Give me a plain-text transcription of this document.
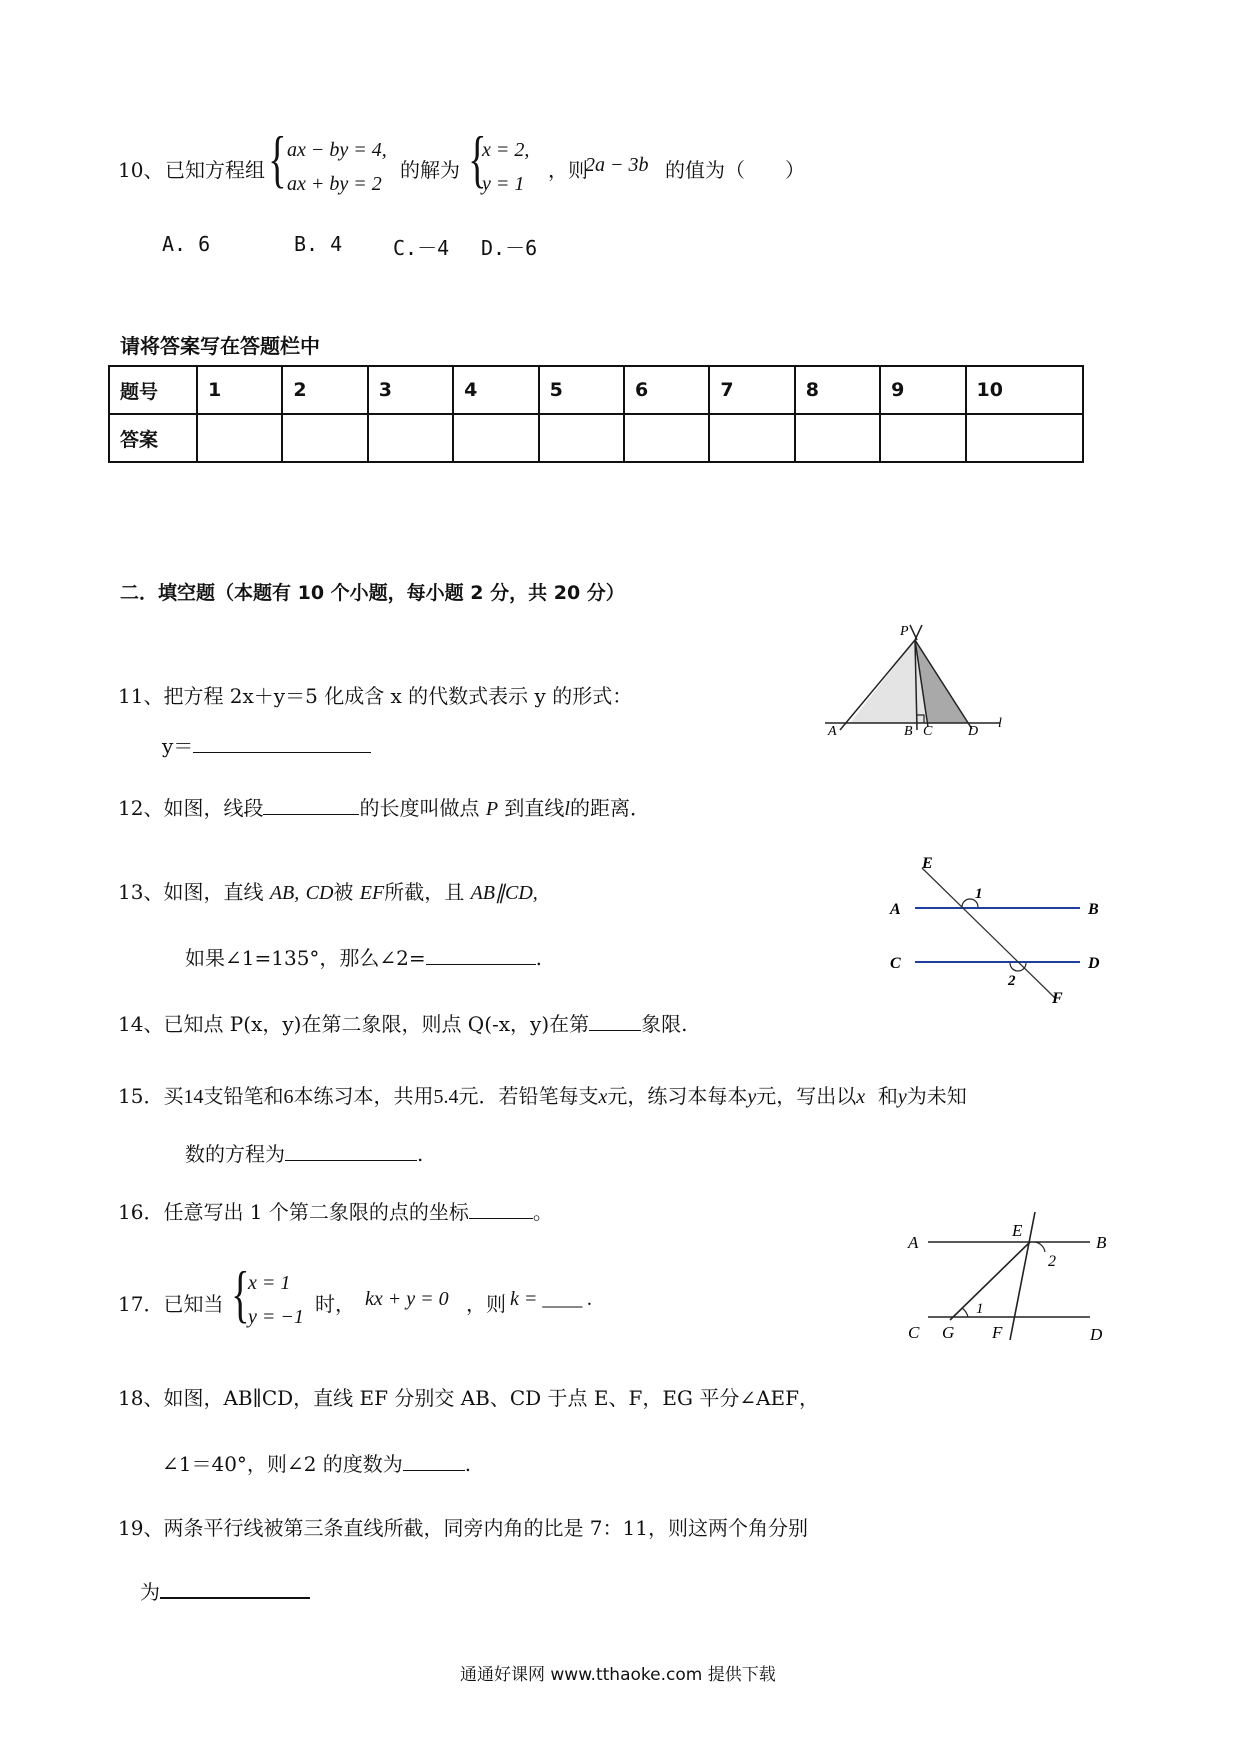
10、 已知方程组 { ax − by = 4,
ax + by = 2
的解为 {
x = 2,
y = 1
，则
2a − 3b 的值为（　　）
A. 6	B. 4	C.－4 D.－6
请将答案写在答题栏中
题号	1	2	3	4	5	6	7	8	9	10
答案										
二．填空题（本题有 10 个小题，每小题 2 分，共 20 分）
11、把方程 2x＋y＝5 化成含 x 的代数式表示 y 的形式：
y＝
P
A	B C	D
l
12、如图，线段	的长度叫做点 P 到直线l的距离．
E
1
A	B
C	D
2
F
13、如图，直线 AB, CD被 EF所截，且 AB∥CD,
如果∠1=135°，那么∠2=	.
14、已知点 P(x，y)在第二象限，则点 Q(-x，y)在第	象限.
15．买14支铅笔和6本练习本，共用5.4元．若铅笔每支x元，练习本每本y元，写出以x 和y为未知
数的方程为	.
16．任意写出 1 个第二象限的点的坐标	。
A
E
B
2
1
C G F	D
17．已知当 {
x = 1
y = −1
时， kx + y = 0 ，则 k = ____ .
18、如图，AB∥CD，直线 EF 分别交 AB、CD 于点 E、F，EG 平分∠AEF，
∠1＝40°，则∠2 的度数为	.
19、两条平行线被第三条直线所截，同旁内角的比是 7：11，则这两个角分别
为
通通好课网 www.tthaoke.com 提供下载
